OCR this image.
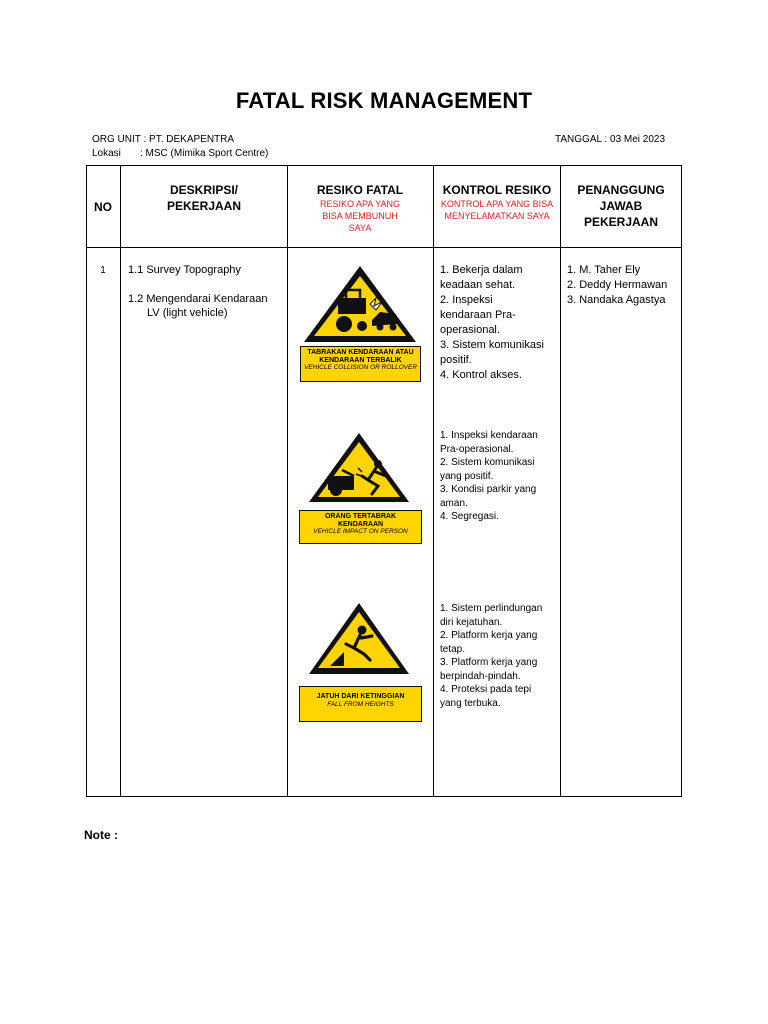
FATAL RISK MANAGEMENT
ORG UNIT : PT. DEKAPENTRA
Lokasi : MSC (Mimika Sport Centre)
TANGGAL : 03 Mei 2023
NO
DESKRIPSI/
PEKERJAAN
RESIKO FATAL
RESIKO APA YANG BISA MEMBUNUH SAYA
KONTROL RESIKO
KONTROL APA YANG BISA MENYELAMATKAN SAYA
PENANGGUNG
JAWAB
PEKERJAAN
1	1.1 Survey Topography
1.2 Mengendarai Kendaraan
LV (light vehicle)
TABRAKAN KENDARAAN ATAU KENDARAAN TERBALIK
VEHICLE COLLISION OR ROLLOVER
ORANG TERTABRAK KENDARAAN
VEHICLE IMPACT ON PERSON
JATUH DARI KETINGGIAN
FALL FROM HEIGHTS
1. Bekerja dalam
keadaan sehat.
2. Inspeksi
kendaraan Pra-
operasional.
3. Sistem komunikasi
positif.
4. Kontrol akses.
1. Inspeksi kendaraan
Pra-operasional.
2. Sistem komunikasi
yang positif.
3. Kondisi parkir yang
aman.
4. Segregasi.
1. Sistem perlindungan
diri kejatuhan.
2. Platform kerja yang
tetap.
3. Platform kerja yang
berpindah-pindah.
4. Proteksi pada tepi
yang terbuka.
1. M. Taher Ely
2. Deddy Hermawan
3. Nandaka Agastya
Note :
